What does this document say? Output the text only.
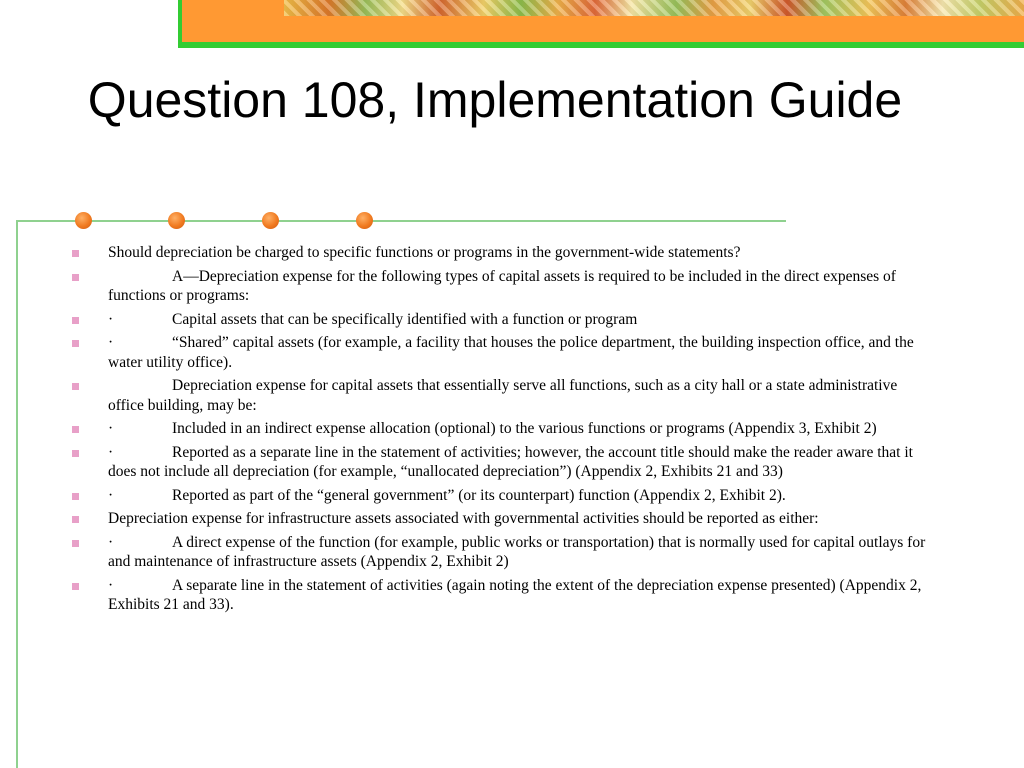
Question 108, Implementation Guide
Should depreciation be charged to specific functions or programs in the government-wide statements?
A—Depreciation expense for the following types of capital assets is required to be included in the direct expenses of functions or programs:
·	Capital assets that can be specifically identified with a function or program
·	“Shared” capital assets (for example, a facility that houses the police department, the building inspection office, and the water utility office).
Depreciation expense for capital assets that essentially serve all functions, such as a city hall or a state administrative office building, may be:
·	Included in an indirect expense allocation (optional) to the various functions or programs (Appendix 3, Exhibit 2)
·	Reported as a separate line in the statement of activities; however, the account title should make the reader aware that it does not include all depreciation (for example, “unallocated depreciation”) (Appendix 2, Exhibits 21 and 33)
·	Reported as part of the “general government” (or its counterpart) function (Appendix 2, Exhibit 2).
Depreciation expense for infrastructure assets associated with governmental activities should be reported as either:
·	A direct expense of the function (for example, public works or transportation) that is normally used for capital outlays for and maintenance of infrastructure assets (Appendix 2, Exhibit 2)
·	A separate line in the statement of activities (again noting the extent of the depreciation expense presented) (Appendix 2, Exhibits 21 and 33).
